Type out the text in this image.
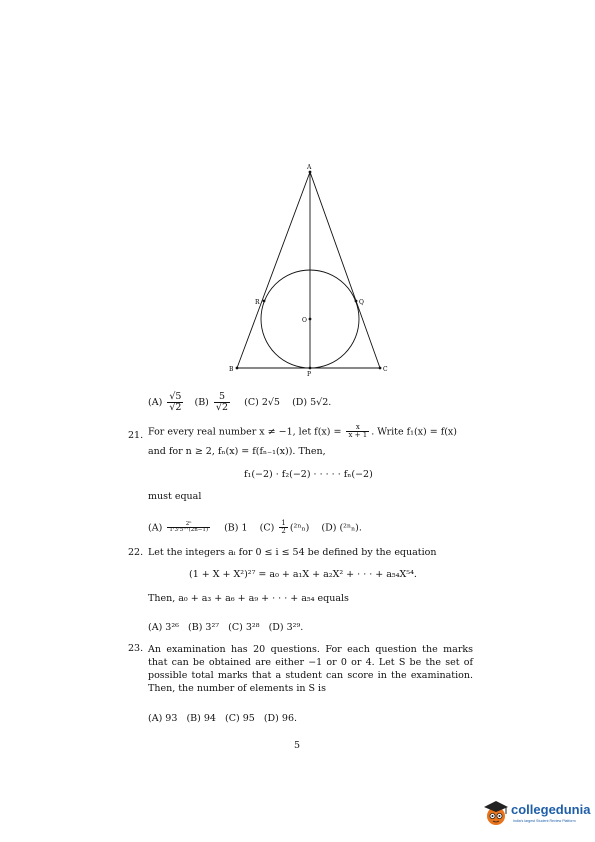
A
R	Q
O
B	C
P
$(A) \frac{√5}{√2} (B) \frac{5}{√2} (C)$ 2√5 (D) 5√2.
21. For every real number x ≠ −1, let $f(x) = \frac{x}{x + 1}$ . Write f₁(x) = f(x)
and for n ≥ 2, fₙ(x) = f(fₙ₋₁(x)). Then,
f₁(−2) · f₂(−2) · · · · · fₙ(−2)
must equal
$(A) \frac{\text{2ⁿ}}{1\cdot 3\cdot 5\cdot\cdot\cdot(2n-1)} (B)$ 1 $(C) \frac{1}{2} (^{2n}_n)$ (D) (²ⁿₙ).
22. Let the integers aᵢ for 0 ≤ i ≤ 54 be defined by the equation
(1 + X + X²)²⁷ = a₀ + a₁X + a₂X² + · · · + a₅₄X⁵⁴.
Then, a₀ + a₃ + a₆ + a₉ + · · · + a₅₄ equals
(A) 3²⁶   (B) 3²⁷   (C) 3²⁸   (D) 3²⁹.
23. An examination has 20 questions. For each question the marks that can be obtained are either −1 or 0 or 4. Let S be the set of possible total marks that a student can score in the examination. Then, the number of elements in S is
(A) 93   (B) 94   (C) 95   (D) 96.
5
collegedunia
India's largest Student Review Platform
